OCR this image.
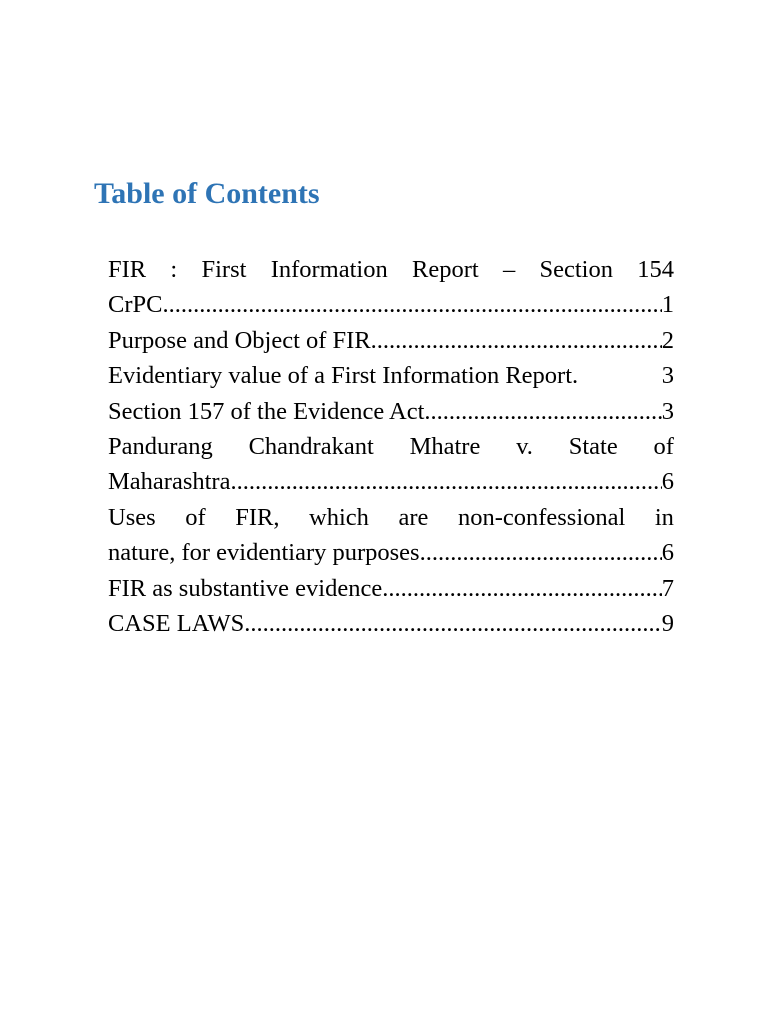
Table of Contents
FIR : First Information Report – Section 154
CrPC .....	1
Purpose and Object of FIR .....	2
Evidentiary value of a First Information Report.	3
Section 157 of the Evidence Act .....	3
Pandurang Chandrakant Mhatre v. State of
Maharashtra .....	6
Uses of FIR, which are non-confessional in
nature, for evidentiary purposes .....	6
FIR as substantive evidence .....	7
CASE LAWS .....	9
